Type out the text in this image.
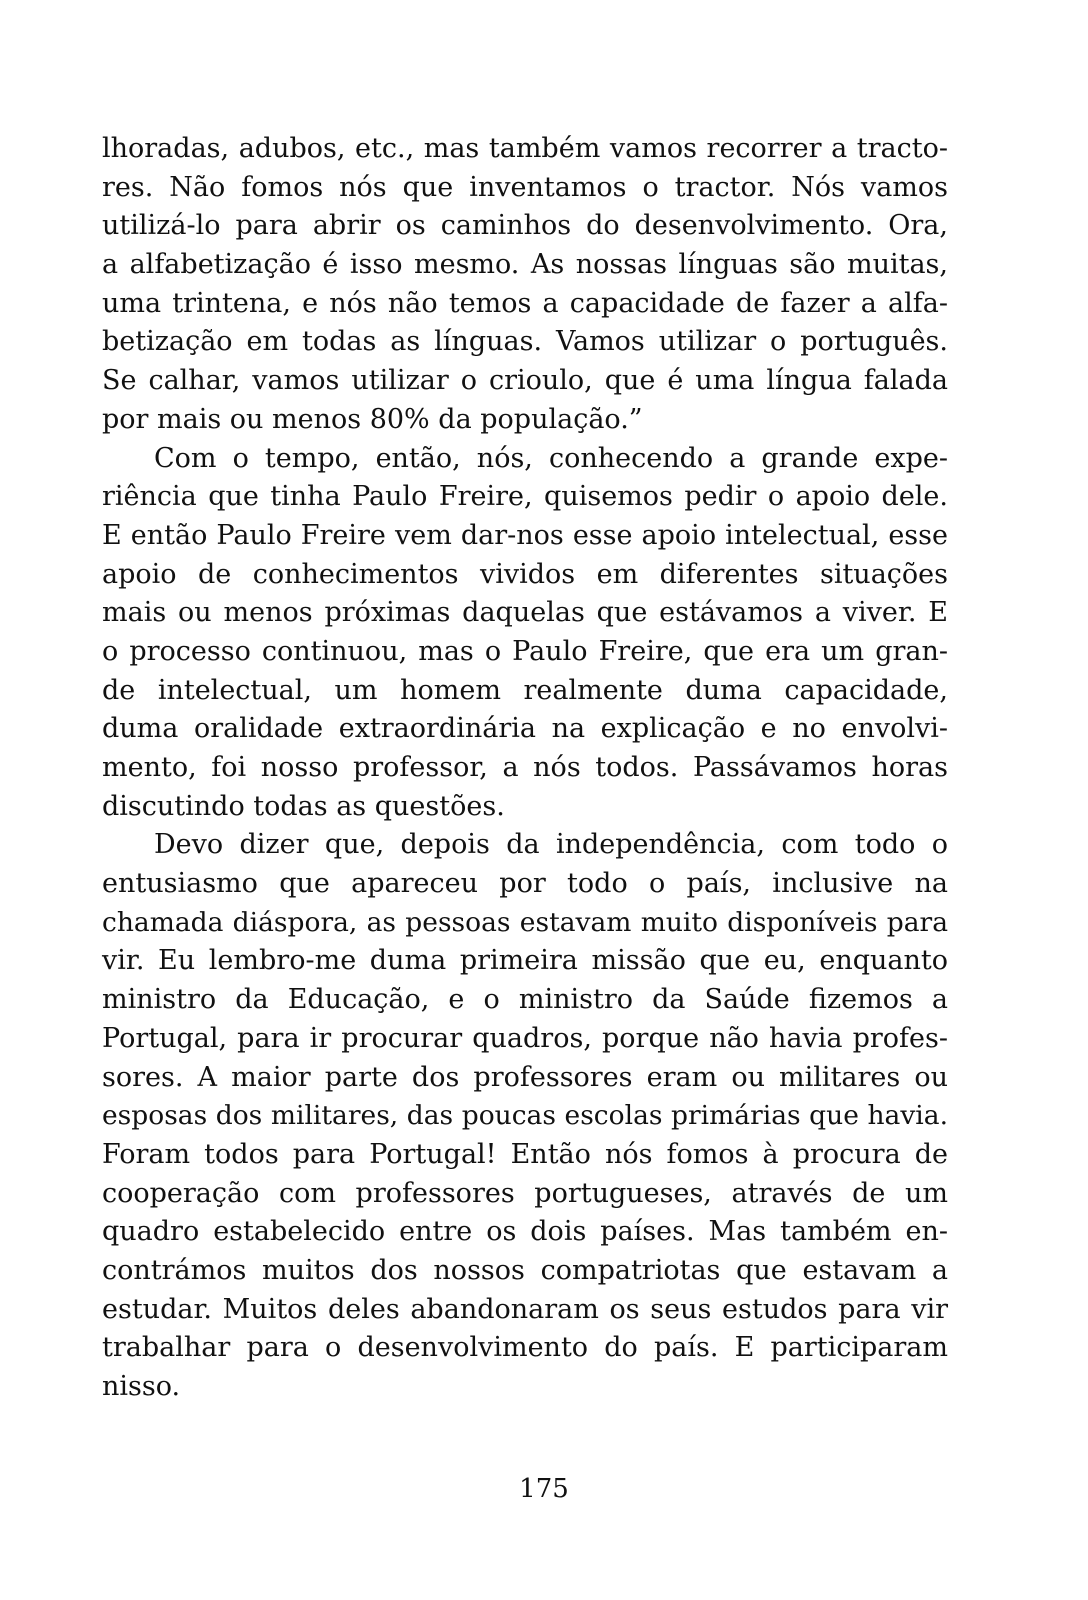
lhoradas, adubos, etc., mas também vamos recorrer a tracto-
res. Não fomos nós que inventamos o tractor. Nós vamos
utilizá-lo para abrir os caminhos do desenvolvimento. Ora,
a alfabetização é isso mesmo. As nossas línguas são muitas,
uma trintena, e nós não temos a capacidade de fazer a alfa-
betização em todas as línguas. Vamos utilizar o português.
Se calhar, vamos utilizar o crioulo, que é uma língua falada
por mais ou menos 80% da população.”
Com o tempo, então, nós, conhecendo a grande expe-
riência que tinha Paulo Freire, quisemos pedir o apoio dele.
E então Paulo Freire vem dar-nos esse apoio intelectual, esse
apoio de conhecimentos vividos em diferentes situações
mais ou menos próximas daquelas que estávamos a viver. E
o processo continuou, mas o Paulo Freire, que era um gran-
de intelectual, um homem realmente duma capacidade,
duma oralidade extraordinária na explicação e no envolvi-
mento, foi nosso professor, a nós todos. Passávamos horas
discutindo todas as questões.
Devo dizer que, depois da independência, com todo o
entusiasmo que apareceu por todo o país, inclusive na
chamada diáspora, as pessoas estavam muito disponíveis para
vir. Eu lembro-me duma primeira missão que eu, enquanto
ministro da Educação, e o ministro da Saúde fizemos a
Portugal, para ir procurar quadros, porque não havia profes-
sores. A maior parte dos professores eram ou militares ou
esposas dos militares, das poucas escolas primárias que havia.
Foram todos para Portugal! Então nós fomos à procura de
cooperação com professores portugueses, através de um
quadro estabelecido entre os dois países. Mas também en-
contrámos muitos dos nossos compatriotas que estavam a
estudar. Muitos deles abandonaram os seus estudos para vir
trabalhar para o desenvolvimento do país. E participaram
nisso.
175
